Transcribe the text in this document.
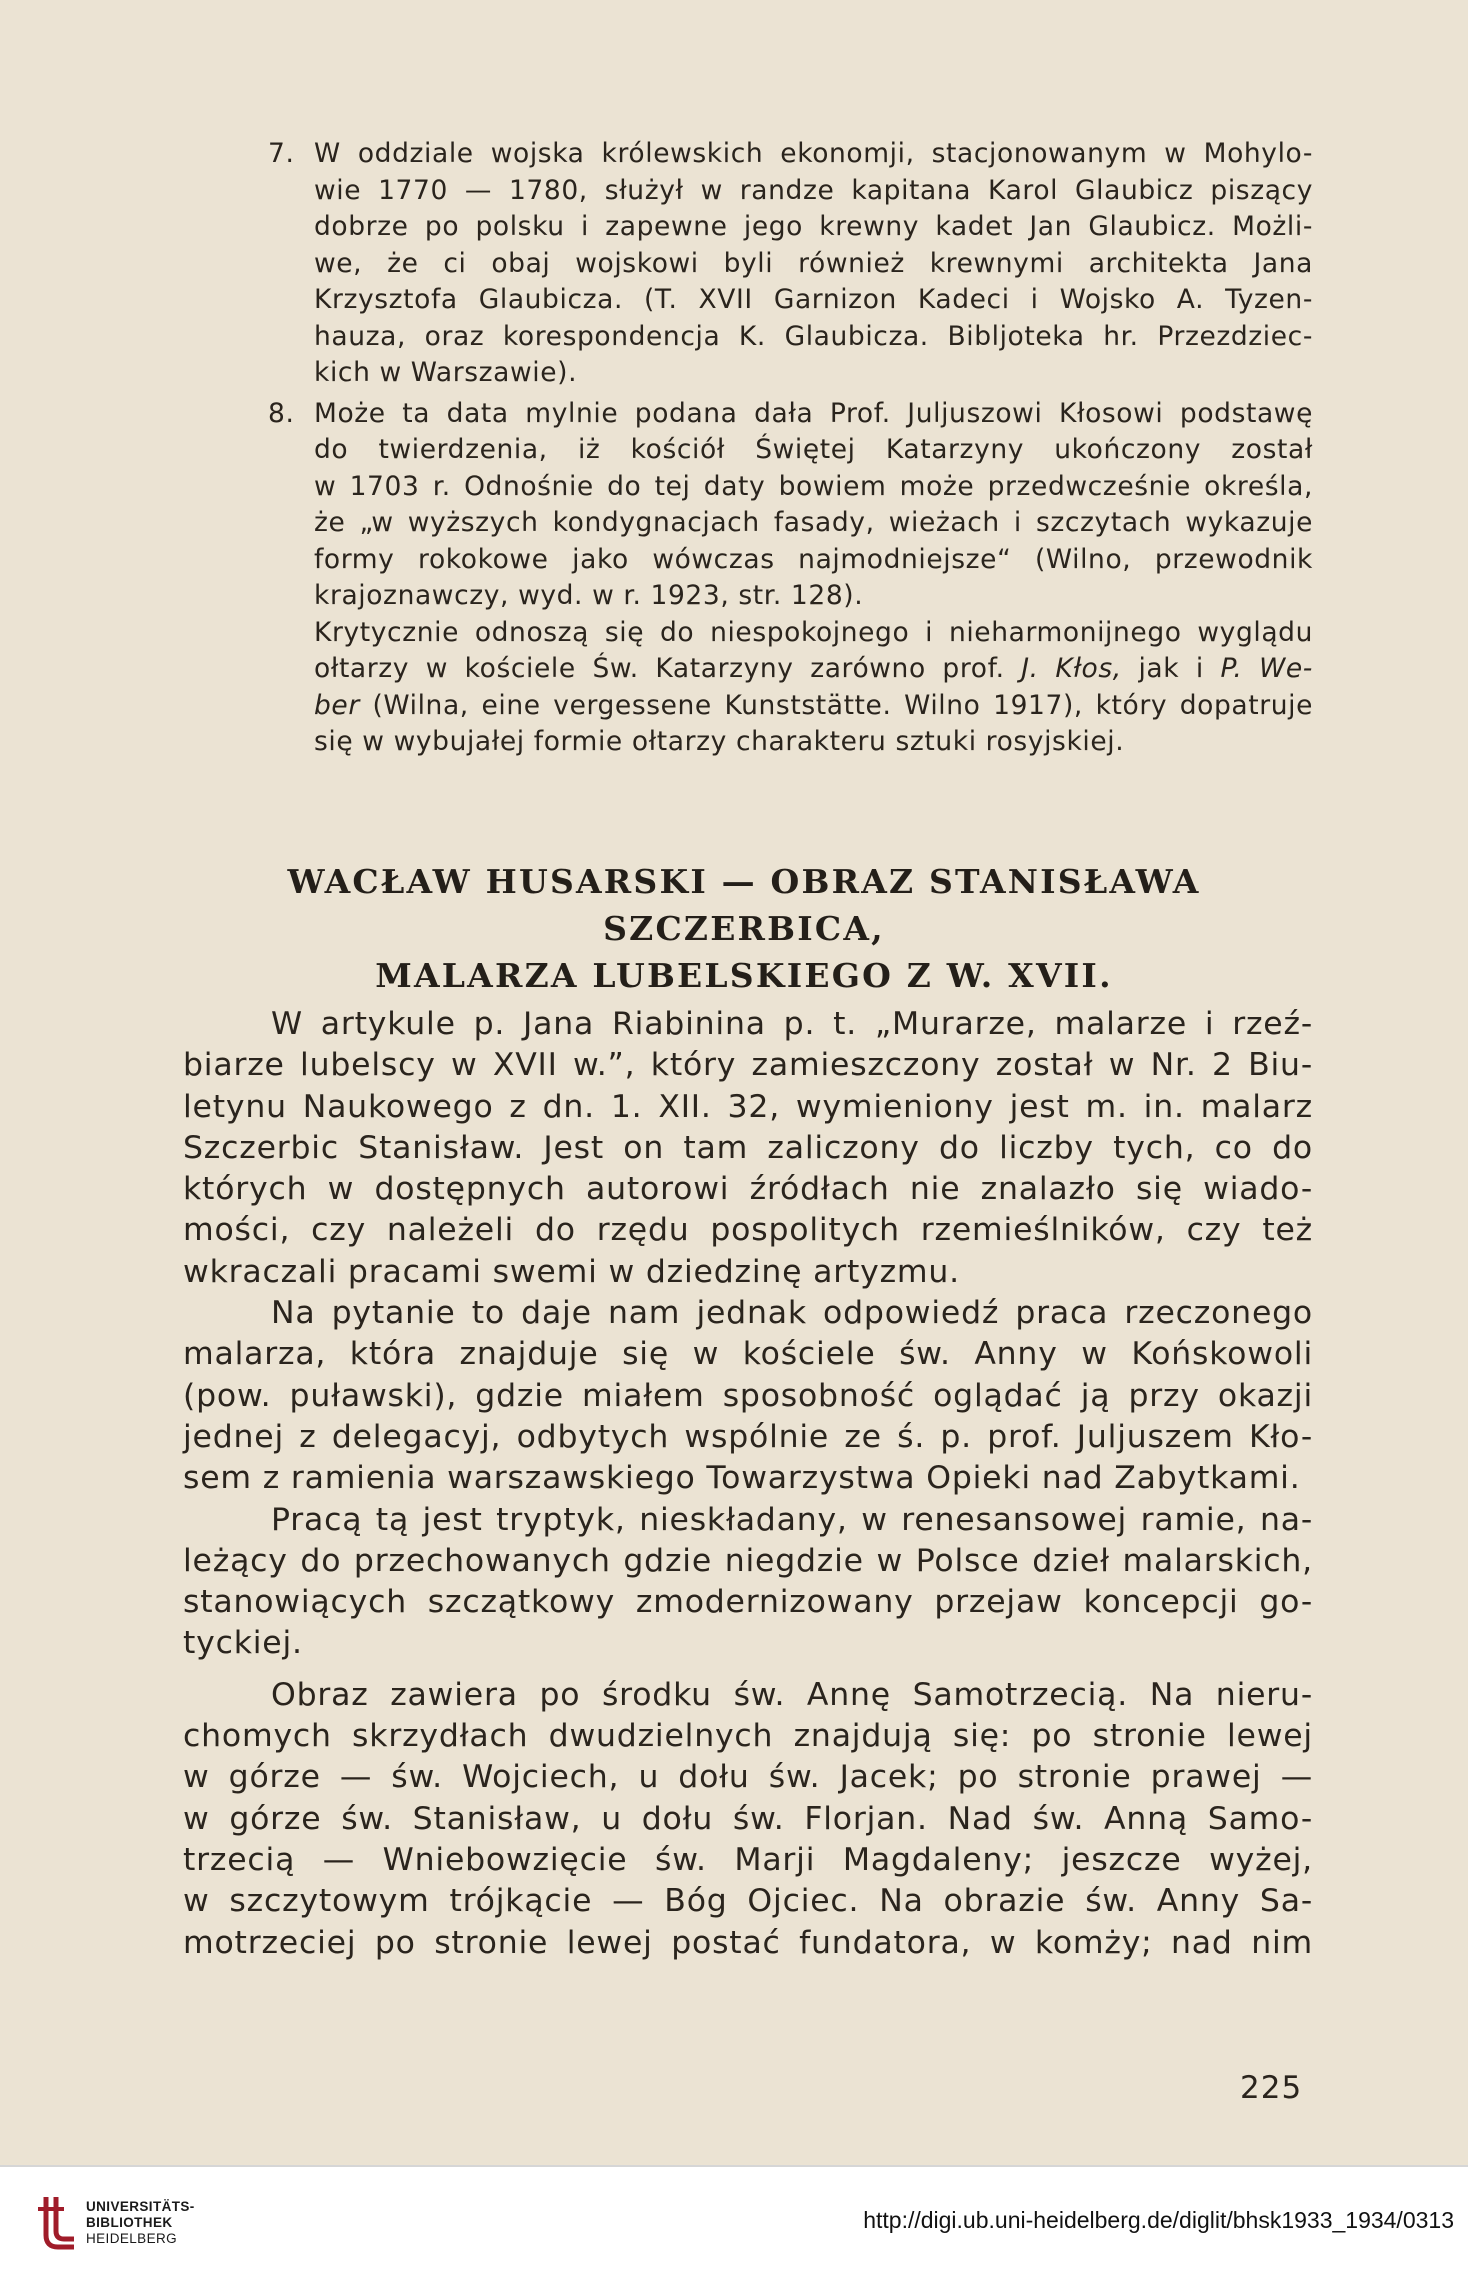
7. W oddziale wojska królewskich ekonomji, stacjonowanym w Mohylo-
wie 1770 — 1780, służył w randze kapitana Karol Glaubicz piszący
dobrze po polsku i zapewne jego krewny kadet Jan Glaubicz. Możli-
we, że ci obaj wojskowi byli również krewnymi architekta Jana
Krzysztofa Glaubicza. (T. XVII Garnizon Kadeci i Wojsko A. Tyzen-
hauza, oraz korespondencja K. Glaubicza. Bibljoteka hr. Przezdziec-
kich w Warszawie).
8. Może ta data mylnie podana dała Prof. Juljuszowi Kłosowi podstawę
do twierdzenia, iż kościół Świętej Katarzyny ukończony został
w 1703 r. Odnośnie do tej daty bowiem może przedwcześnie określa,
że „w wyższych kondygnacjach fasady, wieżach i szczytach wykazuje
formy rokokowe jako wówczas najmodniejsze“ (Wilno, przewodnik
krajoznawczy, wyd. w r. 1923, str. 128).
Krytycznie odnoszą się do niespokojnego i nieharmonijnego wyglądu
ołtarzy w kościele Św. Katarzyny zarówno prof. J. Kłos, jak i P. We-
ber (Wilna, eine vergessene Kunststätte. Wilno 1917), który dopatruje
się w wybujałej formie ołtarzy charakteru sztuki rosyjskiej.
WACŁAW HUSARSKI — OBRAZ STANISŁAWA SZCZERBICA,
MALARZA LUBELSKIEGO Z W. XVII.
W artykule p. Jana Riabinina p. t. „Murarze, malarze i rzeź-
biarze lubelscy w XVII w.”, który zamieszczony został w Nr. 2 Biu-
letynu Naukowego z dn. 1. XII. 32, wymieniony jest m. in. malarz
Szczerbic Stanisław. Jest on tam zaliczony do liczby tych, co do
których w dostępnych autorowi źródłach nie znalazło się wiado-
mości, czy należeli do rzędu pospolitych rzemieślników, czy też
wkraczali pracami swemi w dziedzinę artyzmu.
Na pytanie to daje nam jednak odpowiedź praca rzeczonego
malarza, która znajduje się w kościele św. Anny w Końskowoli
(pow. puławski), gdzie miałem sposobność oglądać ją przy okazji
jednej z delegacyj, odbytych wspólnie ze ś. p. prof. Juljuszem Kło-
sem z ramienia warszawskiego Towarzystwa Opieki nad Zabytkami.
Pracą tą jest tryptyk, nieskładany, w renesansowej ramie, na-
leżący do przechowanych gdzie niegdzie w Polsce dzieł malarskich,
stanowiących szczątkowy zmodernizowany przejaw koncepcji go-
tyckiej.
Obraz zawiera po środku św. Annę Samotrzecią. Na nieru-
chomych skrzydłach dwudzielnych znajdują się: po stronie lewej
w górze — św. Wojciech, u dołu św. Jacek; po stronie prawej —
w górze św. Stanisław, u dołu św. Florjan. Nad św. Anną Samo-
trzecią — Wniebowzięcie św. Marji Magdaleny; jeszcze wyżej,
w szczytowym trójkącie — Bóg Ojciec. Na obrazie św. Anny Sa-
motrzeciej po stronie lewej postać fundatora, w komży; nad nim
225
UNIVERSITÄTS-
BIBLIOTHEK
HEIDELBERG
http://digi.ub.uni-heidelberg.de/diglit/bhsk1933_1934/0313
